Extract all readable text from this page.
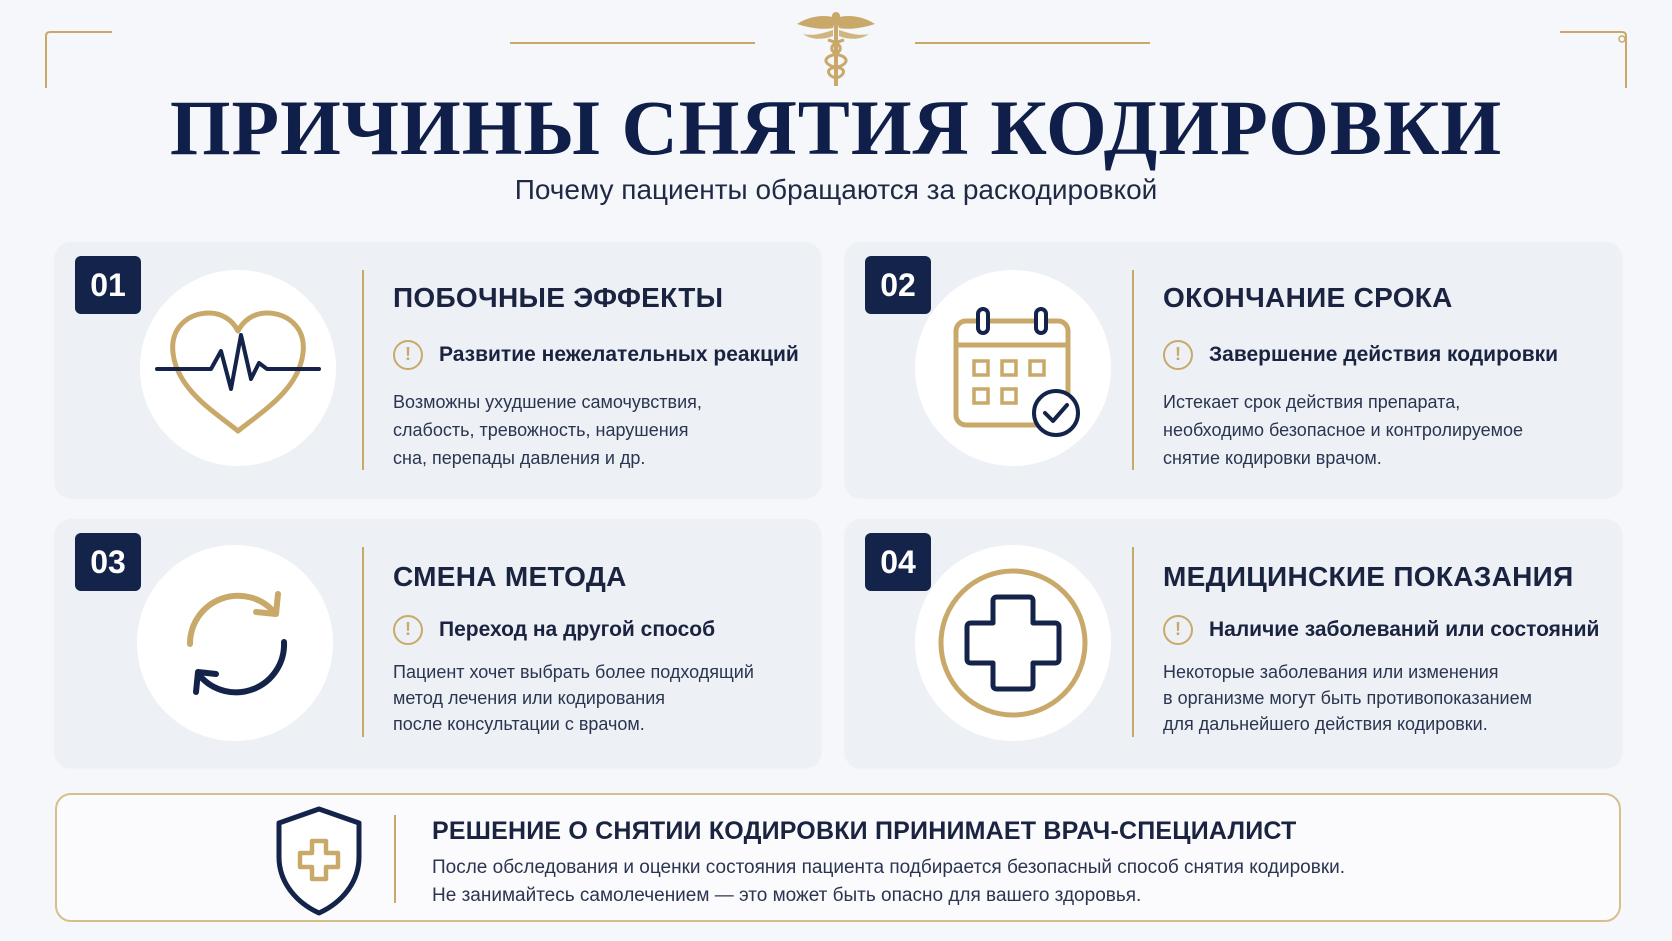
ПРИЧИНЫ СНЯТИЯ КОДИРОВКИ
Почему пациенты обращаются за раскодировкой
01	ПОБОЧНЫЕ ЭФФЕКТЫ
!	Развитие нежелательных реакций
Возможны ухудшение самочувствия,
слабость, тревожность, нарушения
сна, перепады давления и др.
02	ОКОНЧАНИЕ СРОКА
!	Завершение действия кодировки
Истекает срок действия препарата,
необходимо безопасное и контролируемое
снятие кодировки врачом.
03	СМЕНА МЕТОДА
!	Переход на другой способ
Пациент хочет выбрать более подходящий
метод лечения или кодирования
после консультации с врачом.
04	МЕДИЦИНСКИЕ ПОКАЗАНИЯ
!	Наличие заболеваний или состояний
Некоторые заболевания или изменения
в организме могут быть противопоказанием
для дальнейшего действия кодировки.
РЕШЕНИЕ О СНЯТИИ КОДИРОВКИ ПРИНИМАЕТ ВРАЧ-СПЕЦИАЛИСТ
После обследования и оценки состояния пациента подбирается безопасный способ снятия кодировки.
Не занимайтесь самолечением — это может быть опасно для вашего здоровья.
